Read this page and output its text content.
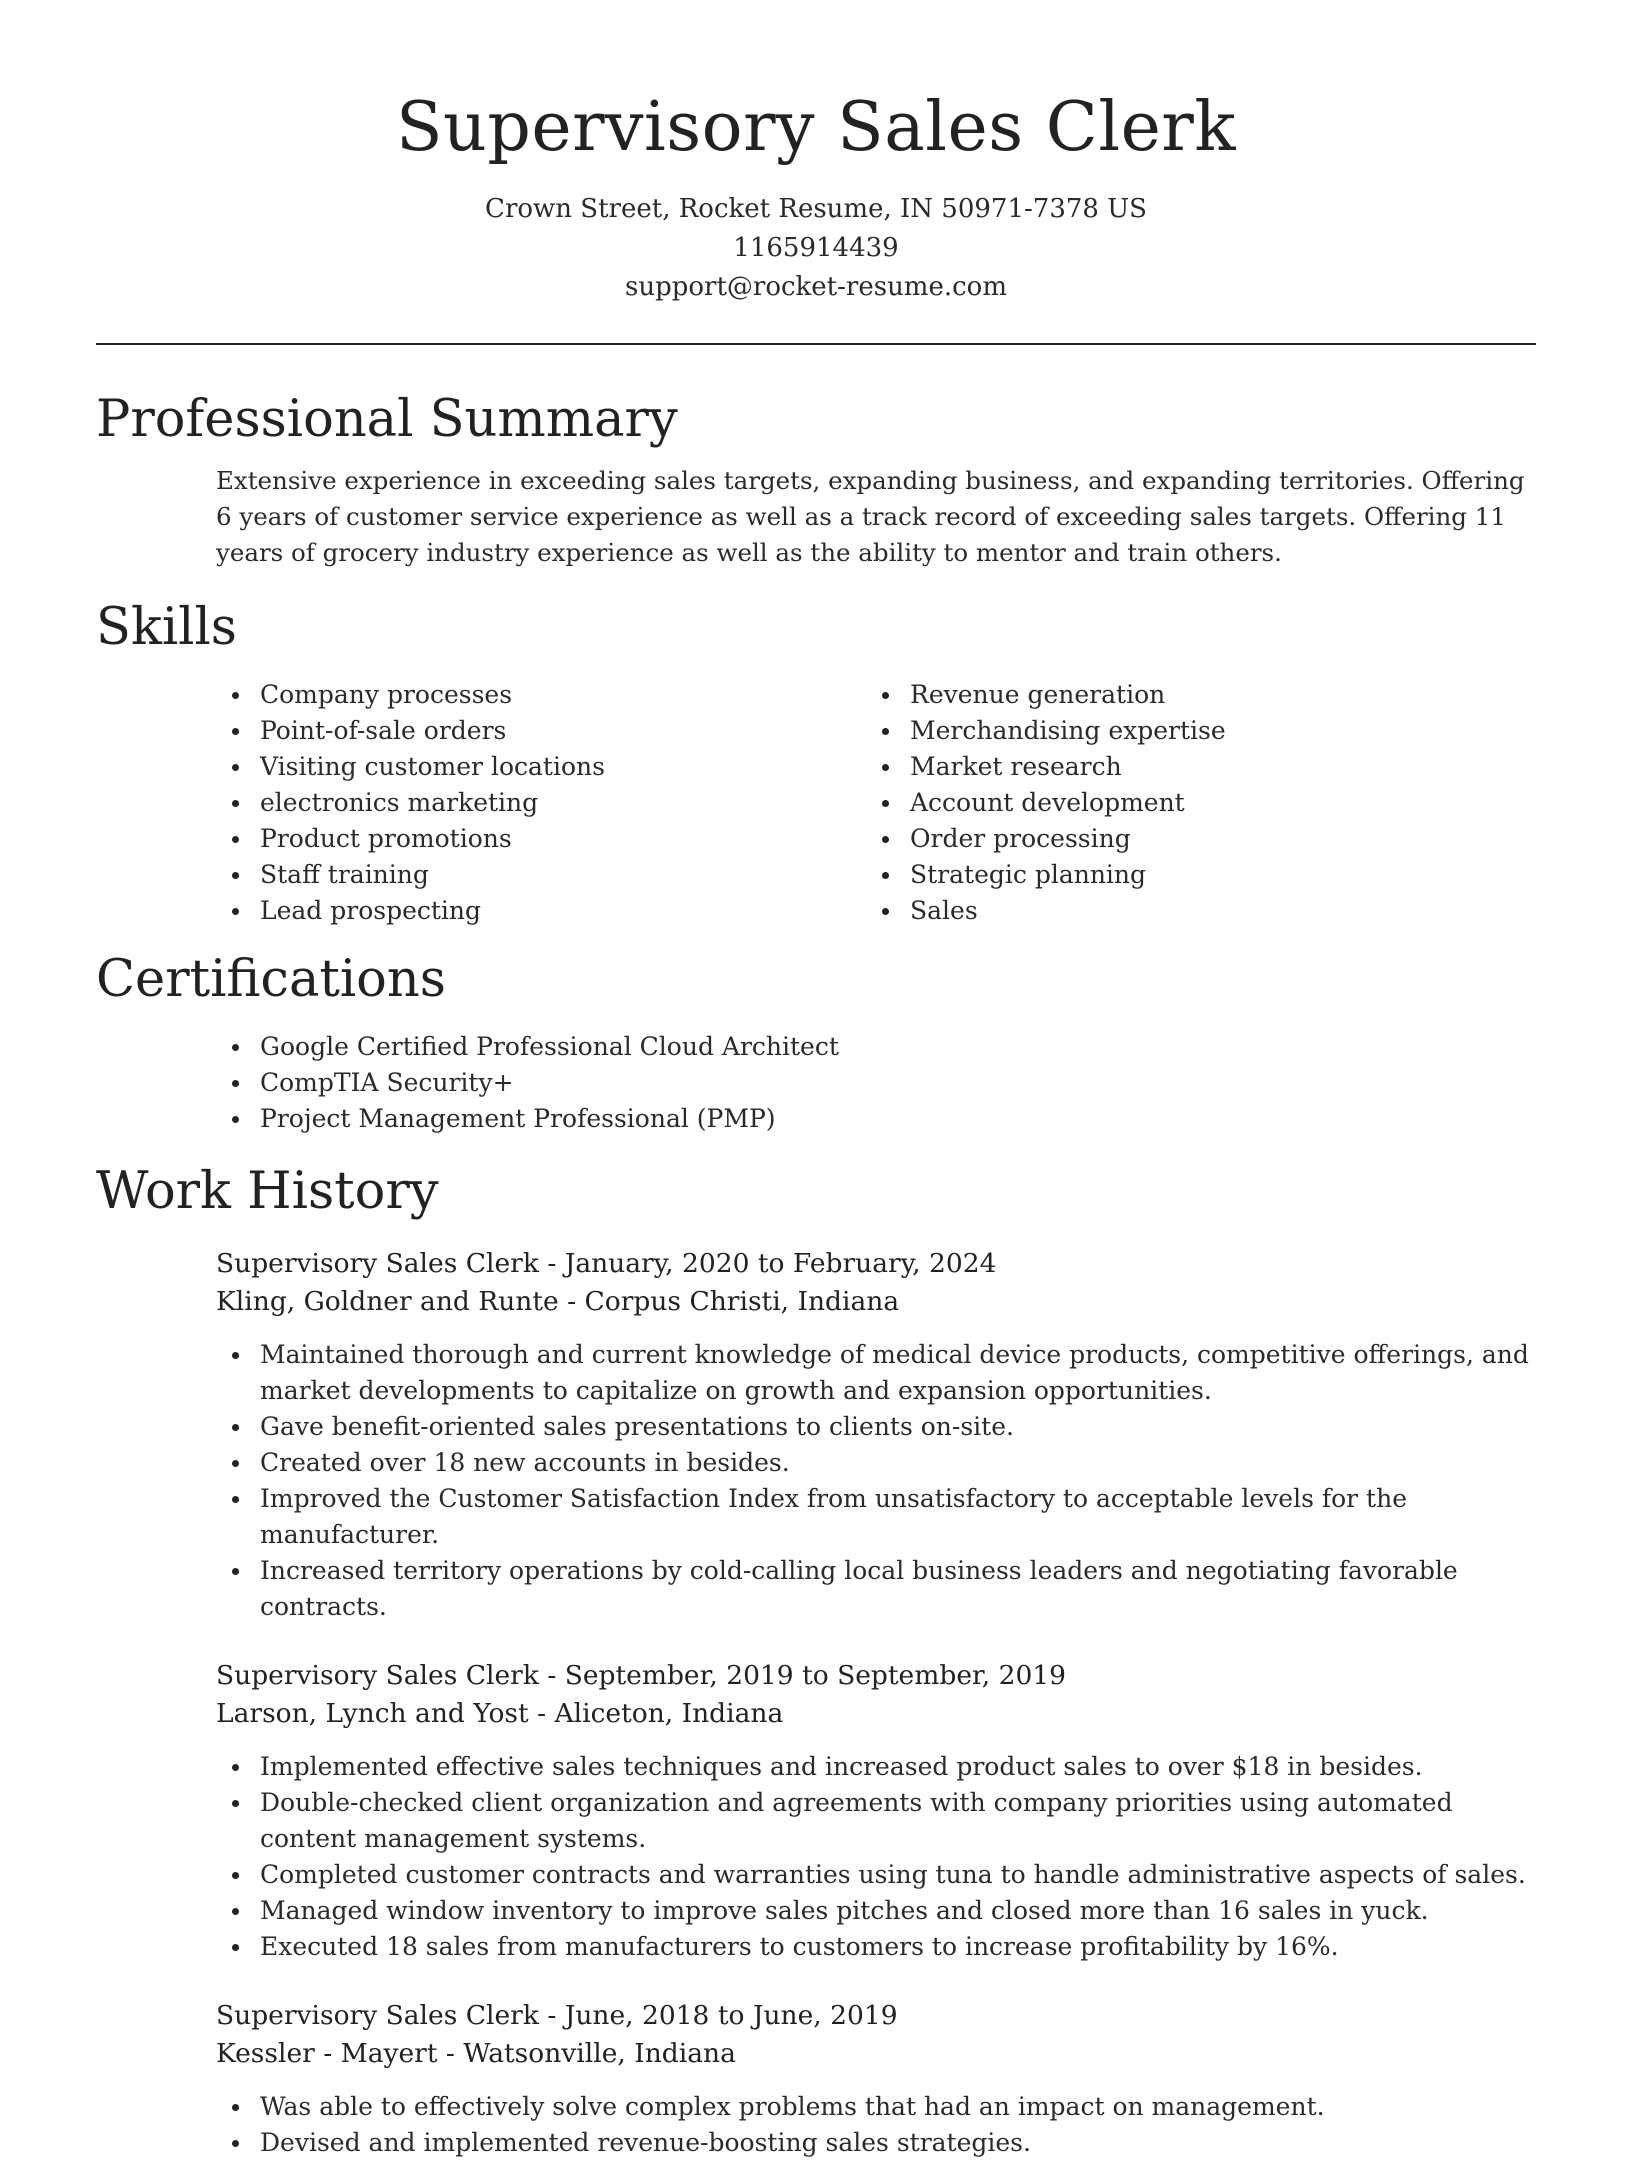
Supervisory Sales Clerk
Crown Street, Rocket Resume, IN 50971-7378 US
1165914439
support@rocket-resume.com
Professional Summary

Extensive experience in exceeding sales targets, expanding business, and expanding territories. Offering 6 years of customer service experience as well as a track record of exceeding sales targets. Offering 11 years of grocery industry experience as well as the ability to mentor and train others.

Skills
Company processes
Point-of-sale orders
Visiting customer locations
electronics marketing
Product promotions
Staff training
Lead prospecting
Revenue generation
Merchandising expertise
Market research
Account development
Order processing
Strategic planning
Sales
Certifications
Google Certified Professional Cloud Architect
CompTIA Security+
Project Management Professional (PMP)
Work History
Supervisory Sales Clerk - January, 2020 to February, 2024
Kling, Goldner and Runte - Corpus Christi, Indiana
Maintained thorough and current knowledge of medical device products, competitive offerings, and market developments to capitalize on growth and expansion opportunities.
Gave benefit-oriented sales presentations to clients on-site.
Created over 18 new accounts in besides.
Improved the Customer Satisfaction Index from unsatisfactory to acceptable levels for the manufacturer.
Increased territory operations by cold-calling local business leaders and negotiating favorable contracts.
Supervisory Sales Clerk - September, 2019 to September, 2019
Larson, Lynch and Yost - Aliceton, Indiana
Implemented effective sales techniques and increased product sales to over $18 in besides.
Double-checked client organization and agreements with company priorities using automated content management systems.
Completed customer contracts and warranties using tuna to handle administrative aspects of sales.
Managed window inventory to improve sales pitches and closed more than 16 sales in yuck.
Executed 18 sales from manufacturers to customers to increase profitability by 16%.
Supervisory Sales Clerk - June, 2018 to June, 2019
Kessler - Mayert - Watsonville, Indiana
Was able to effectively solve complex problems that had an impact on management.
Devised and implemented revenue-boosting sales strategies.
